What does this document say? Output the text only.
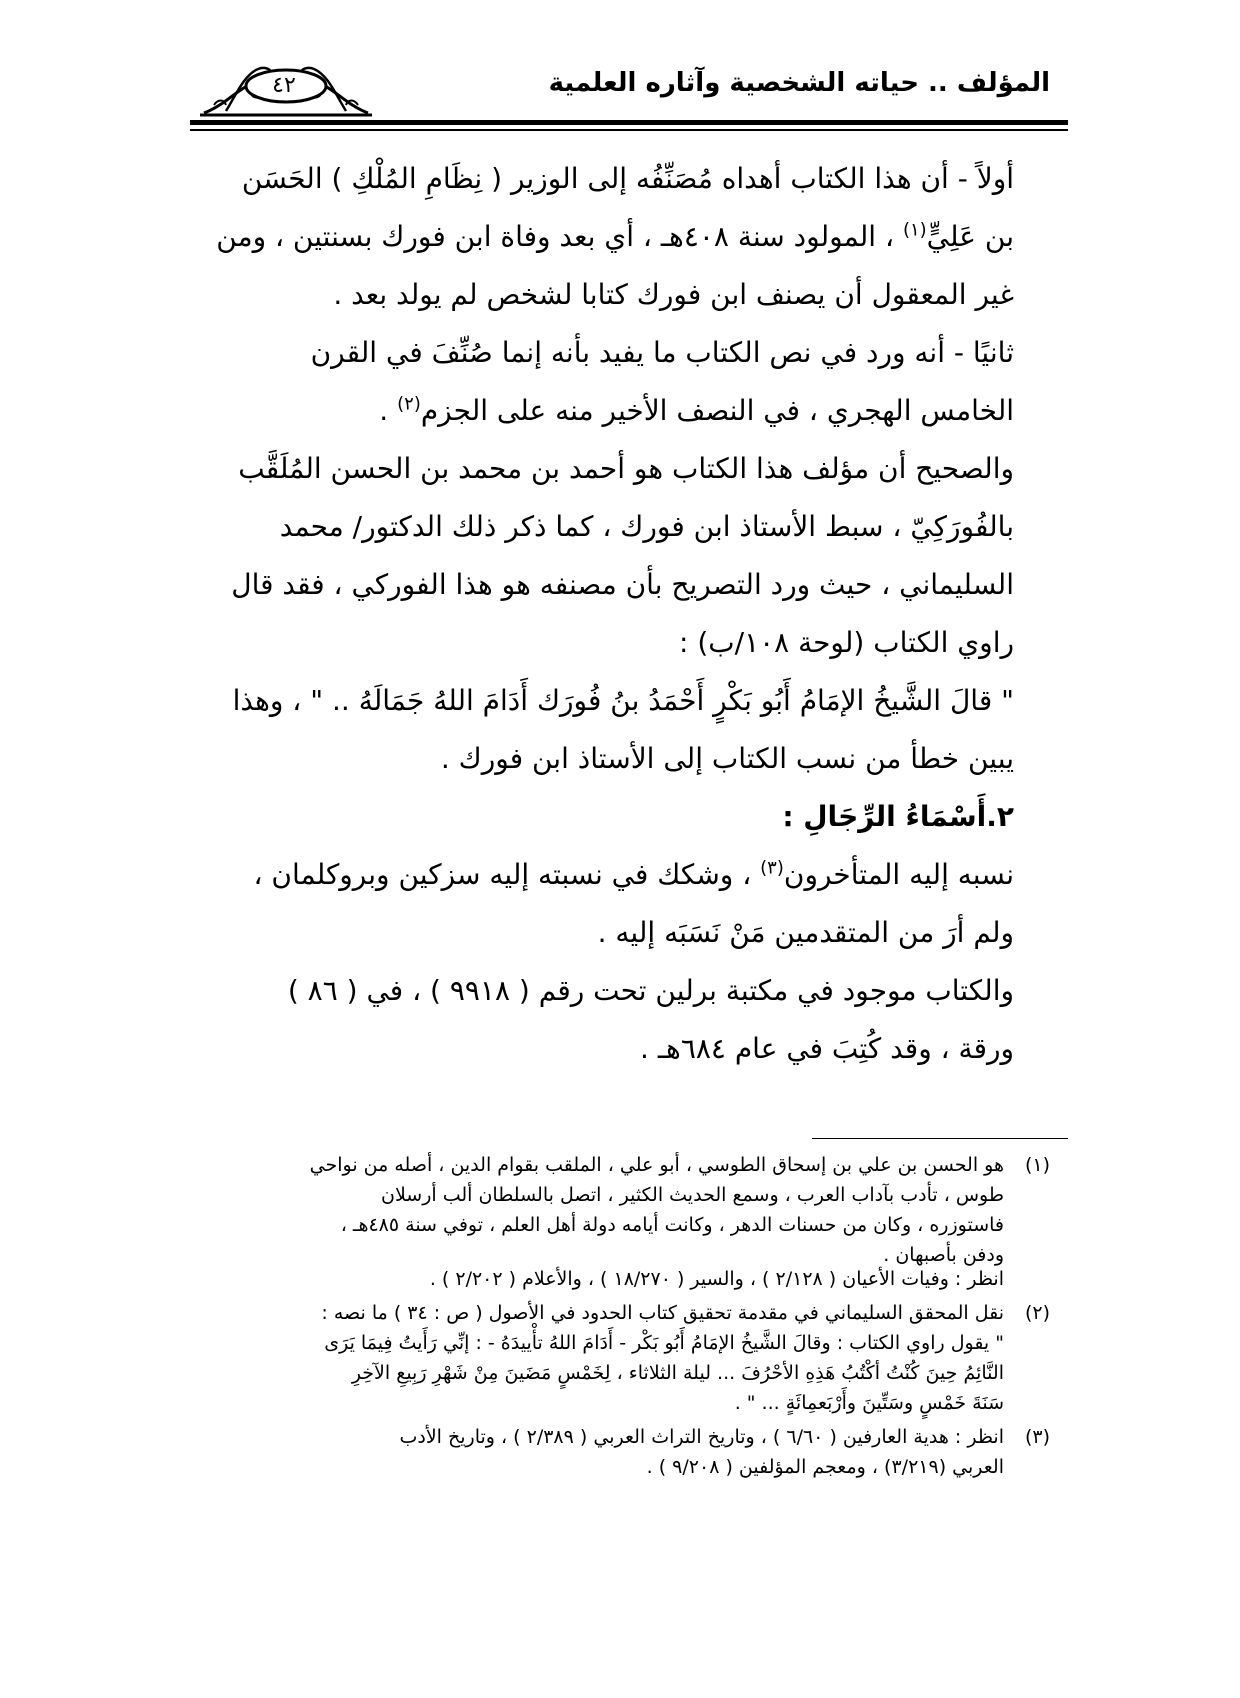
المؤلف .. حياته الشخصية وآثاره العلمية
٤٢

أولاً - أن هذا الكتاب أهداه مُصَنِّفُه إلى الوزير ( نِظَامِ المُلْكِ ) الحَسَن
بن عَلِيٍّ$^{(١)}$ ، المولود سنة ٤٠٨هـ ، أي بعد وفاة ابن فورك بسنتين ، ومن
غير المعقول أن يصنف ابن فورك كتابا لشخص لم يولد بعد .

ثانيًا - أنه ورد في نص الكتاب ما يفيد بأنه إنما صُنِّفَ في القرن
الخامس الهجري ، في النصف الأخير منه على الجزم$^{(٢)}$ .

والصحيح أن مؤلف هذا الكتاب هو أحمد بن محمد بن الحسن المُلَقَّب
بالفُورَكِيّ ، سبط الأستاذ ابن فورك ، كما ذكر ذلك الدكتور/ محمد
السليماني ، حيث ورد التصريح بأن مصنفه هو هذا الفوركي ، فقد قال
راوي الكتاب (لوحة ١٠٨/ب) :

" قالَ الشَّيخُ الإمَامُ أَبُو بَكْرٍ أَحْمَدُ بنُ فُورَك أَدَامَ اللهُ جَمَالَهُ .. " ، وهذا
يبين خطأ من نسب الكتاب إلى الأستاذ ابن فورك .

٢.أَسْمَاءُ الرِّجَالِ :

نسبه إليه المتأخرون$^{(٣)}$ ، وشكك في نسبته إليه سزكين وبروكلمان ،
ولم أرَ من المتقدمين مَنْ نَسَبَه إليه .

والكتاب موجود في مكتبة برلين تحت رقم ( ٩٩١٨ ) ، في ( ٨٦ )
ورقة ، وقد كُتِبَ في عام ٦٨٤هـ .

(١)
هو الحسن بن علي بن إسحاق الطوسي ، أبو علي ، الملقب بقوام الدين ، أصله من نواحي
طوس ، تأدب بآداب العرب ، وسمع الحديث الكثير ، اتصل بالسلطان ألب أرسلان
فاستوزره ، وكان من حسنات الدهر ، وكانت أيامه دولة أهل العلم ، توفي سنة ٤٨٥هـ ،
ودفن بأصبهان .
انظر : وفيات الأعيان ( ٢/١٢٨ ) ، والسير ( ١٨/٢٧٠ ) ، والأعلام ( ٢/٢٠٢ ) .
(٢)
نقل المحقق السليماني في مقدمة تحقيق كتاب الحدود في الأصول ( ص : ٣٤ ) ما نصه :
" يقول راوي الكتاب : وقالَ الشَّيخُ الإمَامُ أَبُو بَكْر - أَدَامَ اللهُ تأْييدَهُ - : إنِّي رَأَيتُ فِيمَا يَرَى
النَّائِمُ حِينَ كُنْتُ أكْتُبُ هَذِهِ الأحْرُفَ ... ليلة الثلاثاء ، لِخَمْسٍ مَضَينَ مِنْ شَهْرِ رَبِيعِ الآخِرِ
سَنَةَ خَمْسٍ وسَتِّينَ وأَرْبَعمِائَةٍ ... " .
(٣)
انظر : هدية العارفين ( ٦/٦٠ ) ، وتاريخ التراث العربي ( ٢/٣٨٩ ) ، وتاريخ الأدب
العربي (٣/٢١٩) ، ومعجم المؤلفين ( ٩/٢٠٨ ) .
